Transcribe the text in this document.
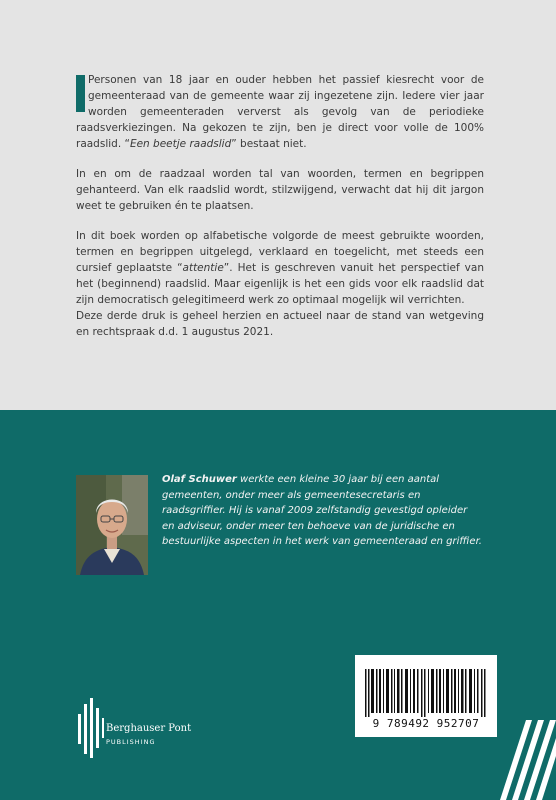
Personen van 18 jaar en ouder hebben het passief kiesrecht voor de gemeenteraad van de gemeente waar zij ingezetene zijn. Iedere vier jaar worden gemeenteraden ververst als gevolg van de periodieke raadsverkiezingen. Na gekozen te zijn, ben je direct voor volle de 100% raadslid. “Een beetje raadslid” bestaat niet.
In en om de raadzaal worden tal van woorden, termen en begrippen gehanteerd. Van elk raadslid wordt, stilzwijgend, verwacht dat hij dit jargon weet te gebruiken én te plaatsen.
In dit boek worden op alfabetische volgorde de meest gebruikte woorden, termen en begrippen uitgelegd, verklaard en toegelicht, met steeds een cursief geplaatste “attentie”. Het is geschreven vanuit het perspectief van het (beginnend) raadslid. Maar eigenlijk is het een gids voor elk raadslid dat zijn democratisch gelegitimeerd werk zo optimaal mogelijk wil verrichten.
Deze derde druk is geheel herzien en actueel naar de stand van wetgeving en rechtspraak d.d. 1 augustus 2021.
Olaf Schuwer werkte een kleine 30 jaar bij een aantal gemeenten, onder meer als gemeentesecretaris en raadsgriffier. Hij is vanaf 2009 zelfstandig gevestigd opleider en adviseur, onder meer ten behoeve van de juridische en bestuurlijke aspecten in het werk van gemeenteraad en griffier.
9 789492 952707
Berghauser Pont
PUBLISHING
